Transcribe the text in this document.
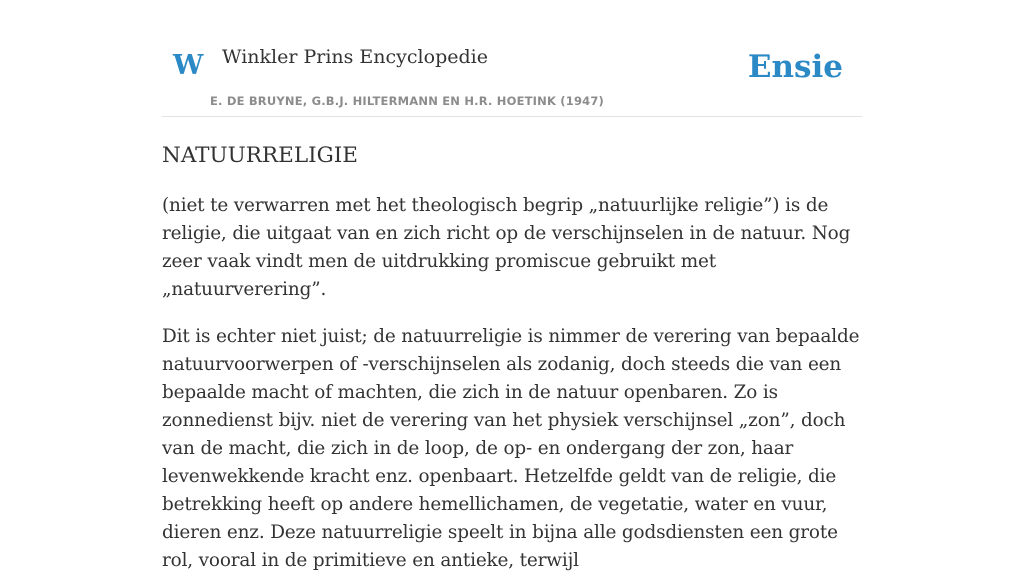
W Winkler Prins Encyclopedie
E. DE BRUYNE, G.B.J. HILTERMANN EN H.R. HOETINK (1947)
Ensie
NATUURRELIGIE

(niet te verwarren met het theologisch begrip „natuurlijke religie”) is de religie, die uitgaat van en zich richt op de verschijnselen in de natuur. Nog zeer vaak vindt men de uitdrukking promiscue gebruikt met „natuurverering”.

Dit is echter niet juist; de natuurreligie is nimmer de verering van bepaalde natuurvoorwerpen of -verschijnselen als zodanig, doch steeds die van een bepaalde macht of machten, die zich in de natuur openbaren. Zo is zonnedienst bijv. niet de verering van het physiek verschijnsel „zon”, doch van de macht, die zich in de loop, de op- en ondergang der zon, haar levenwekkende kracht enz. openbaart. Hetzelfde geldt van de religie, die betrekking heeft op andere hemellichamen, de vegetatie, water en vuur, dieren enz. Deze natuurreligie speelt in bijna alle godsdiensten een grote rol, vooral in de primitieve en antieke, terwijl
